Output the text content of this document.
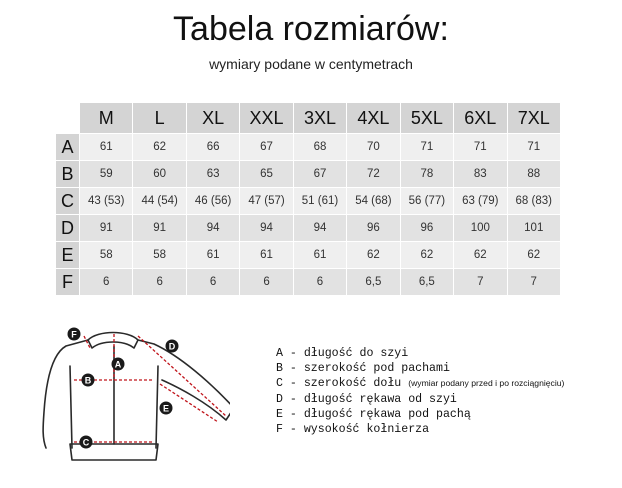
Tabela rozmiarów:
wymiary podane w centymetrach
	M	L	XL	XXL	3XL	4XL	5XL	6XL	7XL
A	61	62	66	67	68	70	71	71	71
B	59	60	63	65	67	72	78	83	88
C	43 (53)	44 (54)	46 (56)	47 (57)	51 (61)	54 (68)	56 (77)	63 (79)	68 (83)
D	91	91	94	94	94	96	96	100	101
E	58	58	61	61	61	62	62	62	62
F	6	6	6	6	6	6,5	6,5	7	7
F
A
D
B
E
C
A - długość do szyi
B - szerokość pod pachami
C - szerokość dołu (wymiar podany przed i po rozciągnięciu)
D - długość rękawa od szyi
E - długość rękawa pod pachą
F - wysokość kołnierza
